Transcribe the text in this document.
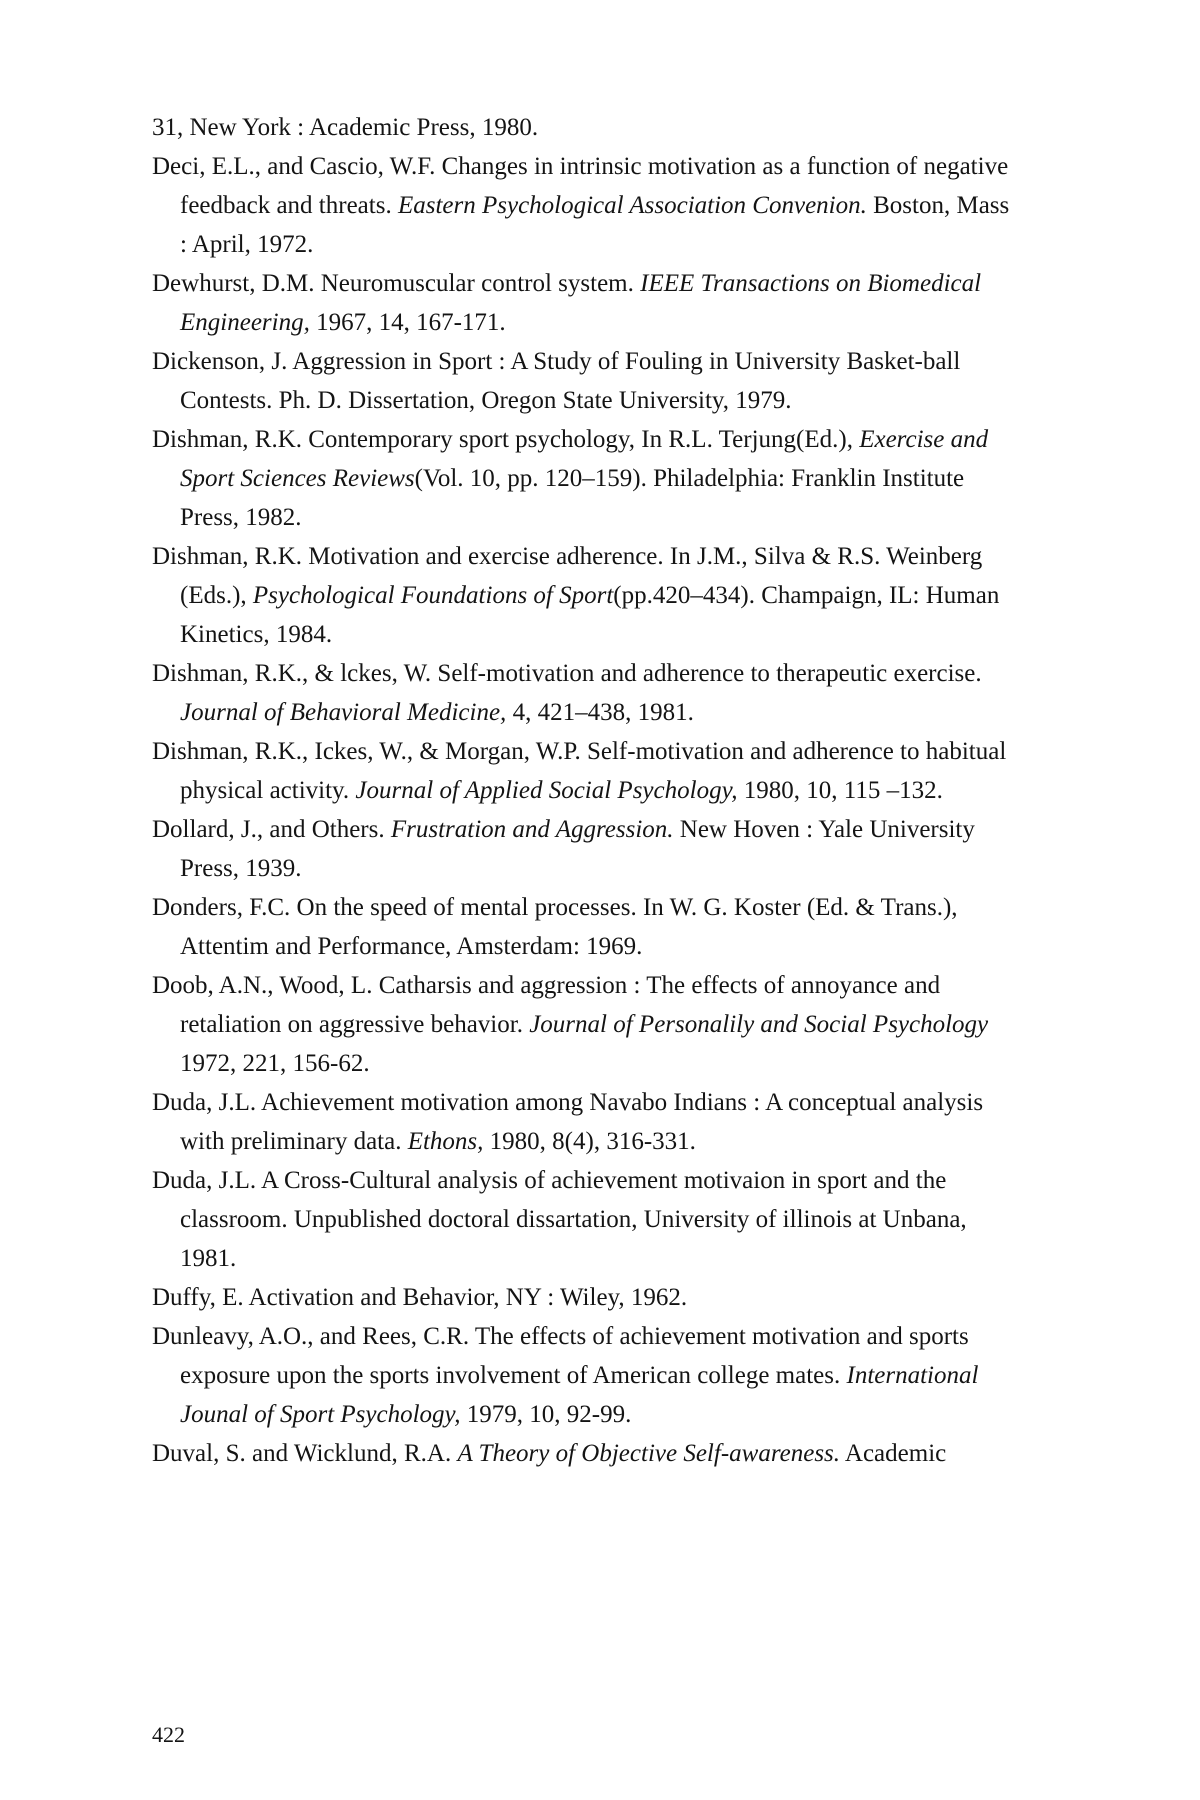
31, New York : Academic Press, 1980.

Deci, E.L., and Cascio, W.F. Changes in intrinsic motivation as a function of negative feedback and threats. Eastern Psychological Association Convenion. Boston, Mass : April, 1972.

Dewhurst, D.M. Neuromuscular control system. IEEE Transactions on Biomedical Engineering, 1967, 14, 167-171.

Dickenson, J. Aggression in Sport : A Study of Fouling in University Basket-ball Contests. Ph. D. Dissertation, Oregon State University, 1979.

Dishman, R.K. Contemporary sport psychology, In R.L. Terjung(Ed.), Exercise and Sport Sciences Reviews(Vol. 10, pp. 120–159). Philadelphia: Franklin Institute Press, 1982.

Dishman, R.K. Motivation and exercise adherence. In J.M., Silva & R.S. Weinberg (Eds.), Psychological Foundations of Sport(pp.420–434). Champaign, IL: Human Kinetics, 1984.

Dishman, R.K., & lckes, W. Self-motivation and adherence to therapeutic exercise. Journal of Behavioral Medicine, 4, 421–438, 1981.

Dishman, R.K., Ickes, W., & Morgan, W.P. Self-motivation and adherence to habitual physical activity. Journal of Applied Social Psychology, 1980, 10, 115 –132.

Dollard, J., and Others. Frustration and Aggression. New Hoven : Yale University Press, 1939.

Donders, F.C. On the speed of mental processes. In W. G. Koster (Ed. & Trans.), Attentim and Performance, Amsterdam: 1969.

Doob, A.N., Wood, L. Catharsis and aggression : The effects of annoyance and retaliation on aggressive behavior. Journal of Personalily and Social Psychology 1972, 221, 156-62.

Duda, J.L. Achievement motivation among Navabo Indians : A conceptual analysis with preliminary data. Ethons, 1980, 8(4), 316-331.

Duda, J.L. A Cross-Cultural analysis of achievement motivaion in sport and the classroom. Unpublished doctoral dissartation, University of illinois at Unbana, 1981.

Duffy, E. Activation and Behavior, NY : Wiley, 1962.

Dunleavy, A.O., and Rees, C.R. The effects of achievement motivation and sports exposure upon the sports involvement of American college mates. International Jounal of Sport Psychology, 1979, 10, 92-99.

Duval, S. and Wicklund, R.A. A Theory of Objective Self-awareness. Academic

422
